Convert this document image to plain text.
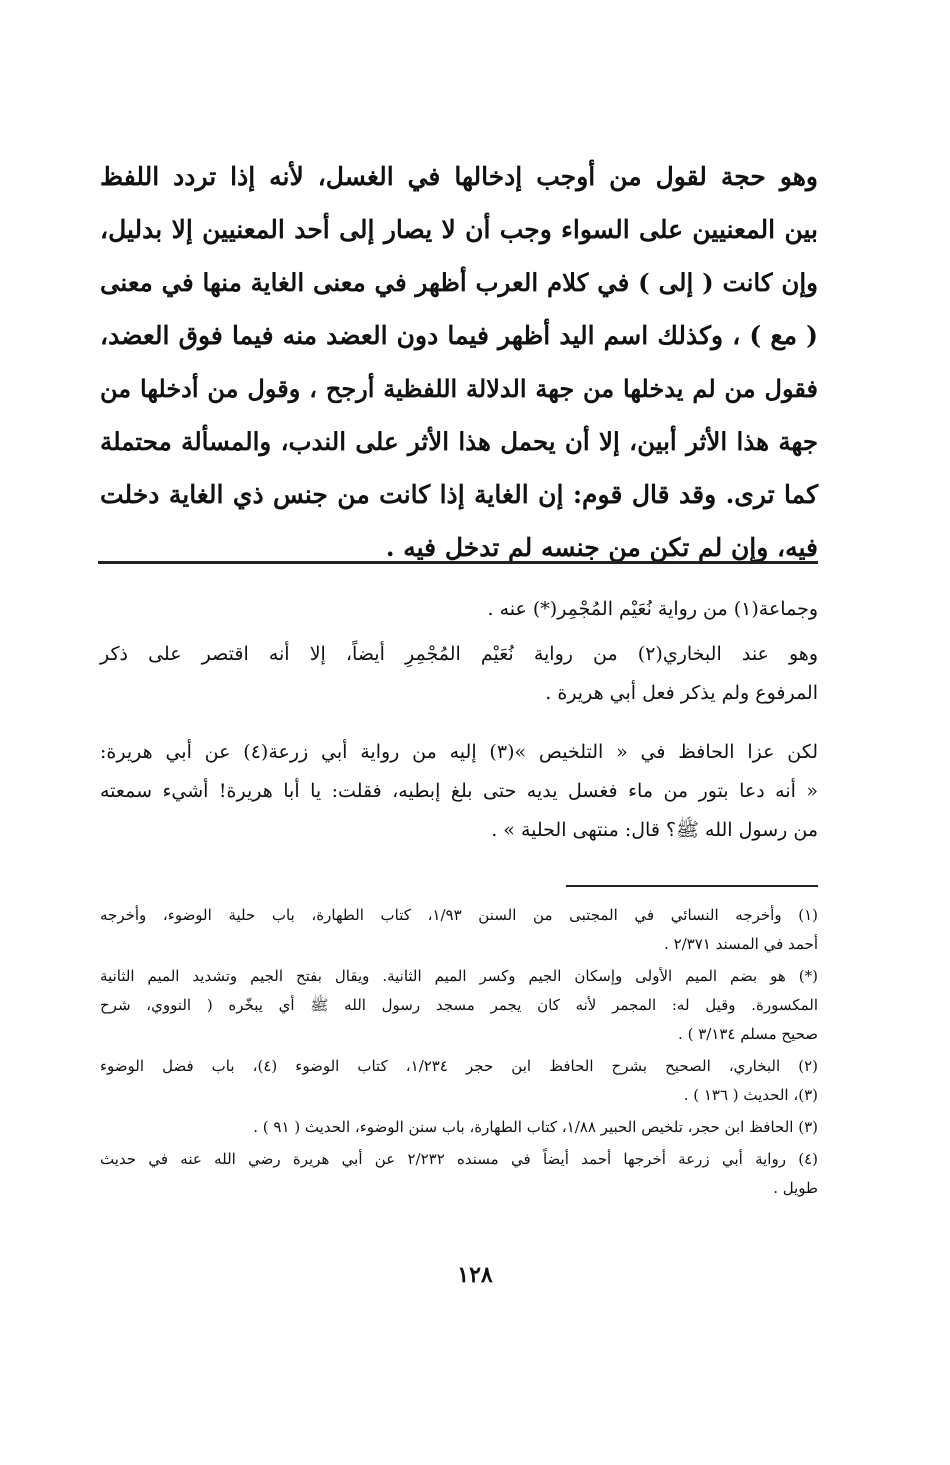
وهو حجة لقول من أوجب إدخالها في الغسل، لأنه إذا تردد اللفظ
بين المعنيين على السواء وجب أن لا يصار إلى أحد المعنيين إلا بدليل،
وإن كانت ( إلى ) في كلام العرب أظهر في معنى الغاية منها في معنى
( مع ) ، وكذلك اسم اليد أظهر فيما دون العضد منه فيما فوق العضد،
فقول من لم يدخلها من جهة الدلالة اللفظية أرجح ، وقول من أدخلها من
جهة هذا الأثر أبين، إلا أن يحمل هذا الأثر على الندب، والمسألة محتملة
كما ترى. وقد قال قوم: إن الغاية إذا كانت من جنس ذي الغاية دخلت
فيه، وإن لم تكن من جنسه لم تدخل فيه .
وجماعة(١) من رواية نُعَيْم المُجْمِر(*) عنه .
وهو عند البخاري(٢) من رواية نُعَيْم المُجْمِرِ أيضاً، إلا أنه اقتصر على ذكر
المرفوع ولم يذكر فعل أبي هريرة .
لكن عزا الحافظ في « التلخيص »(٣) إليه من رواية أبي زرعة(٤) عن أبي هريرة:
« أنه دعا بتور من ماء فغسل يديه حتى بلغ إبطيه، فقلت: يا أبا هريرة! أشيء سمعته
من رسول الله ﷺ؟ قال: منتهى الحلية » .
(١) وأخرجه النسائي في المجتبى من السنن ١/٩٣، كتاب الطهارة، باب حلية الوضوء، وأخرجه
أحمد في المسند ٢/٣٧١ .
(*) هو بضم الميم الأولى وإسكان الجيم وكسر الميم الثانية. ويقال بفتح الجيم وتشديد الميم الثانية
المكسورة. وقيل له: المجمر لأنه كان يجمر مسجد رسول الله ﷺ أي يبخّره ( النووي، شرح
صحيح مسلم ٣/١٣٤ ) .
(٢) البخاري، الصحيح بشرح الحافظ ابن حجر ١/٢٣٤، كتاب الوضوء (٤)، باب فضل الوضوء
(٣)، الحديث ( ١٣٦ ) .
(٣) الحافظ ابن حجر، تلخيص الحبير ١/٨٨، كتاب الطهارة، باب سنن الوضوء، الحديث ( ٩١ ) .
(٤) رواية أبي زرعة أخرجها أحمد أيضاً في مسنده ٢/٢٣٢ عن أبي هريرة رضي الله عنه في حديث
طويل .
١٢٨
